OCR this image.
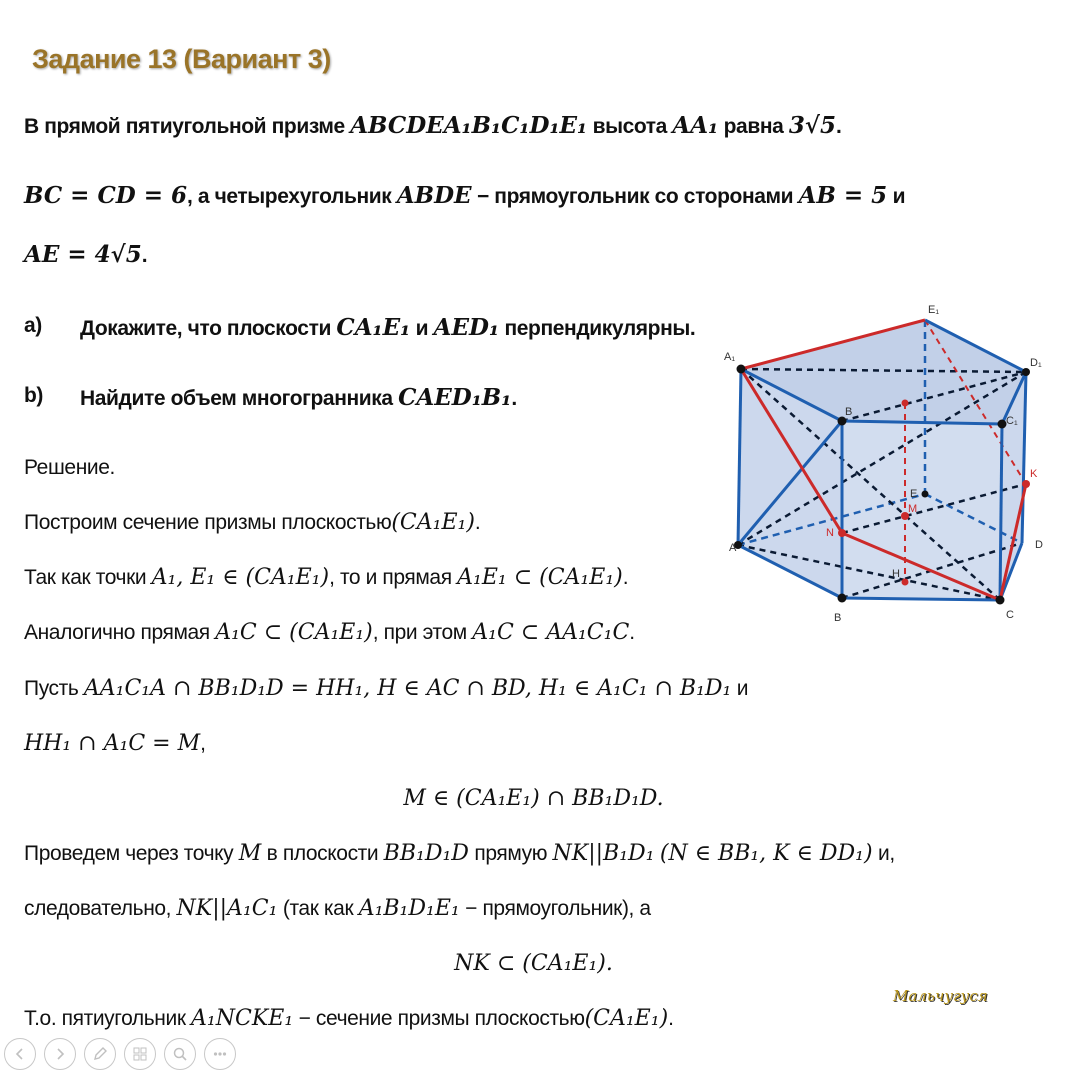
Задание 13 (Вариант 3)
В прямой пятиугольной призме ABCDEA₁B₁C₁D₁E₁ высота AA₁ равна 3√5.
BC = CD = 6, а четырехугольник ABDE − прямоугольник со сторонами AB = 5 и
AE = 4√5.
а) Докажите, что плоскости CA₁E₁ и AED₁ перпендикулярны.
b) Найдите объем многогранника CAED₁B₁.
Решение.
Построим сечение призмы плоскостью(CA₁E₁).
Так как точки A₁, E₁ ∈ (CA₁E₁), то и прямая A₁E₁ ⊂ (CA₁E₁).
Аналогично прямая A₁C ⊂ (CA₁E₁), при этом A₁C ⊂ AA₁C₁C.
Пусть AA₁C₁A ∩ BB₁D₁D = HH₁, H ∈ AC ∩ BD, H₁ ∈ A₁C₁ ∩ B₁D₁ и
HH₁ ∩ A₁C = M,
M ∈ (CA₁E₁) ∩ BB₁D₁D.
Проведем через точку M в плоскости BB₁D₁D прямую NK||B₁D₁ (N ∈ BB₁, K ∈ DD₁) и,
следовательно, NK||A₁C₁ (так как A₁B₁D₁E₁ − прямоугольник), а
NK ⊂ (CA₁E₁).
Т.о. пятиугольник A₁NCKE₁ − сечение призмы плоскостью(CA₁E₁).
Мальчугуся
A₁
E₁
D₁
B
C₁
K
E
M
N
A	D
H
B	C
